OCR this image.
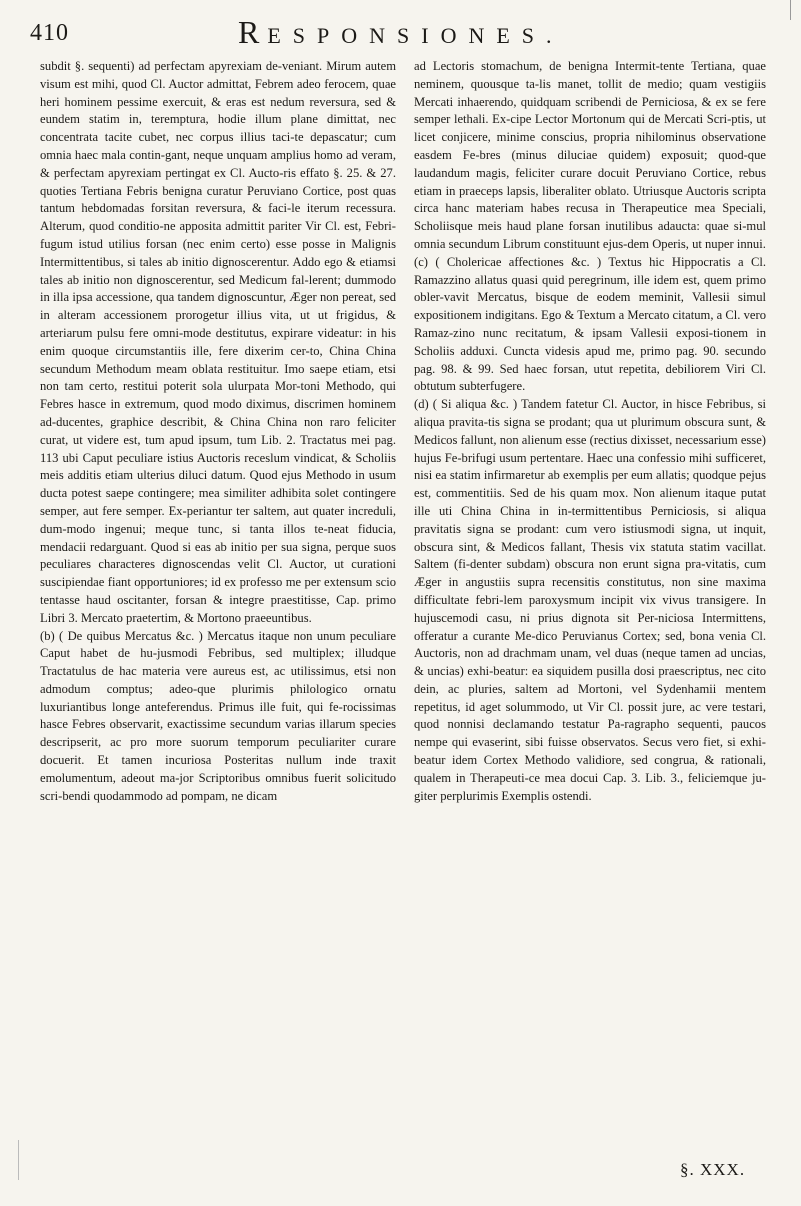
410	R ESPONSIONES.

subdit §. sequenti) ad perfectam apyrexiam de-veniant. Mirum autem visum est mihi, quod Cl. Auctor admittat, Febrem adeo ferocem, quae heri hominem pessime exercuit, & eras est nedum reversura, sed & eundem statim in, teremptura, hodie illum plane dimittat, nec concentrata tacite cubet, nec corpus illius taci-te depascatur; cum omnia haec mala contin-gant, neque unquam amplius homo ad veram, & perfectam apyrexiam pertingat ex Cl. Aucto-ris effato §. 25. & 27. quoties Tertiana Febris benigna curatur Peruviano Cortice, post quas tantum hebdomadas forsitan reversura, & faci-le iterum recessura. Alterum, quod conditio-ne apposita admittit pariter Vir Cl. est, Febri-fugum istud utilius forsan (nec enim certo) esse posse in Malignis Intermittentibus, si tales ab initio dignoscerentur. Addo ego & etiamsi tales ab initio non dignoscerentur, sed Medicum fal-lerent; dummodo in illa ipsa accessione, qua tandem dignoscuntur, Æger non pereat, sed in alteram accessionem prorogetur illius vita, ut ut frigidus, & arteriarum pulsu fere omni-mode destitutus, expirare videatur: in his enim quoque circumstantiis ille, fere dixerim cer-to, China China secundum Methodum meam oblata restituitur. Imo saepe etiam, etsi non tam certo, restitui poterit sola ulurpata Mor-toni Methodo, qui Febres hasce in extremum, quod modo diximus, discrimen hominem ad-ducentes, graphice describit, & China China non raro feliciter curat, ut videre est, tum apud ipsum, tum Lib. 2. Tractatus mei pag. 113 ubi Caput peculiare istius Auctoris receslum vindicat, & Scholiis meis additis etiam ulterius diluci datum. Quod ejus Methodo in usum ducta potest saepe contingere; mea similiter adhibita solet contingere semper, aut fere semper. Ex-periantur ter saltem, aut quater increduli, dum-modo ingenui; meque tunc, si tanta illos te-neat fiducia, mendacii redarguant. Quod si eas ab initio per sua signa, perque suos peculiares characteres dignoscendas velit Cl. Auctor, ut curationi suscipiendae fiant opportuniores; id ex professo me per extensum scio tentasse haud oscitanter, forsan & integre praestitisse, Cap. primo Libri 3. Mercato praetertim, & Mortono praeeuntibus.

(b) ( De quibus Mercatus &c. ) Mercatus itaque non unum peculiare Caput habet de hu-jusmodi Febribus, sed multiplex; illudque Tractatulus de hac materia vere aureus est, ac utilissimus, etsi non admodum comptus; adeo-que plurimis philologico ornatu luxuriantibus longe anteferendus. Primus ille fuit, qui fe-rocissimas hasce Febres observarit, exactissime secundum varias illarum species descripserit, ac pro more suorum temporum peculiariter curare docuerit. Et tamen incuriosa Posteritas nullum inde traxit emolumentum, adeout ma-jor Scriptoribus omnibus fuerit solicitudo scri-bendi quodammodo ad pompam, ne dicam

ad Lectoris stomachum, de benigna Intermit-tente Tertiana, quae neminem, quousque ta-lis manet, tollit de medio; quam vestigiis Mercati inhaerendo, quidquam scribendi de Perniciosa, & ex se fere semper lethali. Ex-cipe Lector Mortonum qui de Mercati Scri-ptis, ut licet conjicere, minime conscius, propria nihilominus observatione easdem Fe-bres (minus diluciae quidem) exposuit; quod-que laudandum magis, feliciter curare docuit Peruviano Cortice, rebus etiam in praeceps lapsis, liberaliter oblato. Utriusque Auctoris scripta circa hanc materiam habes recusa in Therapeutice mea Speciali, Scholiisque meis haud plane forsan inutilibus adaucta: quae si-mul omnia secundum Librum constituunt ejus-dem Operis, ut nuper innui.

(c) ( Cholericae affectiones &c. ) Textus hic Hippocratis a Cl. Ramazzino allatus quasi quid peregrinum, ille idem est, quem primo obler-vavit Mercatus, bisque de eodem meminit, Vallesii simul expositionem indigitans. Ego & Textum a Mercato citatum, a Cl. vero Ramaz-zino nunc recitatum, & ipsam Vallesii exposi-tionem in Scholiis adduxi. Cuncta videsis apud me, primo pag. 90. secundo pag. 98. & 99. Sed haec forsan, utut repetita, debiliorem Viri Cl. obtutum subterfugere.

(d) ( Si aliqua &c. ) Tandem fatetur Cl. Auctor, in hisce Febribus, si aliqua pravita-tis signa se prodant; qua ut plurimum obscura sunt, & Medicos fallunt, non alienum esse (rectius dixisset, necessarium esse) hujus Fe-brifugi usum pertentare. Haec una confessio mihi sufficeret, nisi ea statim infirmaretur ab exemplis per eum allatis; quodque pejus est, commentitiis. Sed de his quam mox. Non alienum itaque putat ille uti China China in in-termittentibus Perniciosis, si aliqua pravitatis signa se prodant: cum vero istiusmodi signa, ut inquit, obscura sint, & Medicos fallant, Thesis vix statuta statim vacillat. Saltem (fi-denter subdam) obscura non erunt signa pra-vitatis, cum Æger in angustiis supra recensitis constitutus, non sine maxima difficultate febri-lem paroxysmum incipit vix vivus transigere. In hujuscemodi casu, ni prius dignota sit Per-niciosa Intermittens, offeratur a curante Me-dico Peruvianus Cortex; sed, bona venia Cl. Auctoris, non ad drachmam unam, vel duas (neque tamen ad uncias, & uncias) exhi-beatur: ea siquidem pusilla dosi praescriptus, nec cito dein, ac pluries, saltem ad Mortoni, vel Sydenhamii mentem repetitus, id aget solummodo, ut Vir Cl. possit jure, ac vere testari, quod nonnisi declamando testatur Pa-ragrapho sequenti, paucos nempe qui evaserint, sibi fuisse observatos. Secus vero fiet, si exhi-beatur idem Cortex Methodo validiore, sed congrua, & rationali, qualem in Therapeuti-ce mea docui Cap. 3. Lib. 3., feliciemque ju-giter perplurimis Exemplis ostendi.

§. XXX.
